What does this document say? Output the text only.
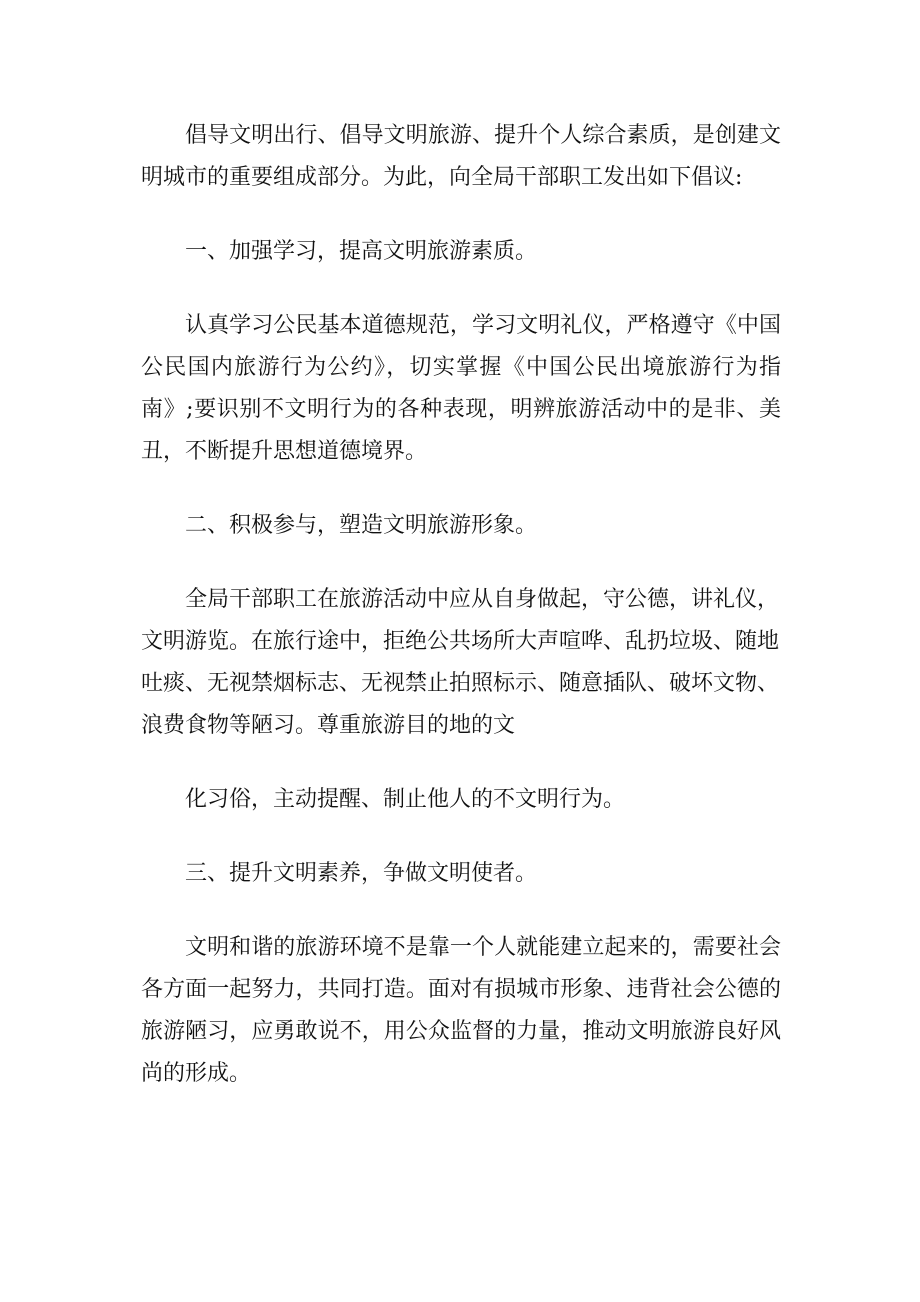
倡导文明出行、倡导文明旅游、提升个人综合素质，是创建文明城市的重要组成部分。为此，向全局干部职工发出如下倡议:

一、加强学习，提高文明旅游素质。

认真学习公民基本道德规范，学习文明礼仪，严格遵守《中国公民国内旅游行为公约》，切实掌握《中国公民出境旅游行为指南》;要识别不文明行为的各种表现，明辨旅游活动中的是非、美丑，不断提升思想道德境界。

二、积极参与，塑造文明旅游形象。

全局干部职工在旅游活动中应从自身做起，守公德，讲礼仪，文明游览。在旅行途中，拒绝公共场所大声喧哗、乱扔垃圾、随地吐痰、无视禁烟标志、无视禁止拍照标示、随意插队、破坏文物、浪费食物等陋习。尊重旅游目的地的文

化习俗，主动提醒、制止他人的不文明行为。

三、提升文明素养，争做文明使者。

文明和谐的旅游环境不是靠一个人就能建立起来的，需要社会各方面一起努力，共同打造。面对有损城市形象、违背社会公德的旅游陋习，应勇敢说不，用公众监督的力量，推动文明旅游良好风尚的形成。
